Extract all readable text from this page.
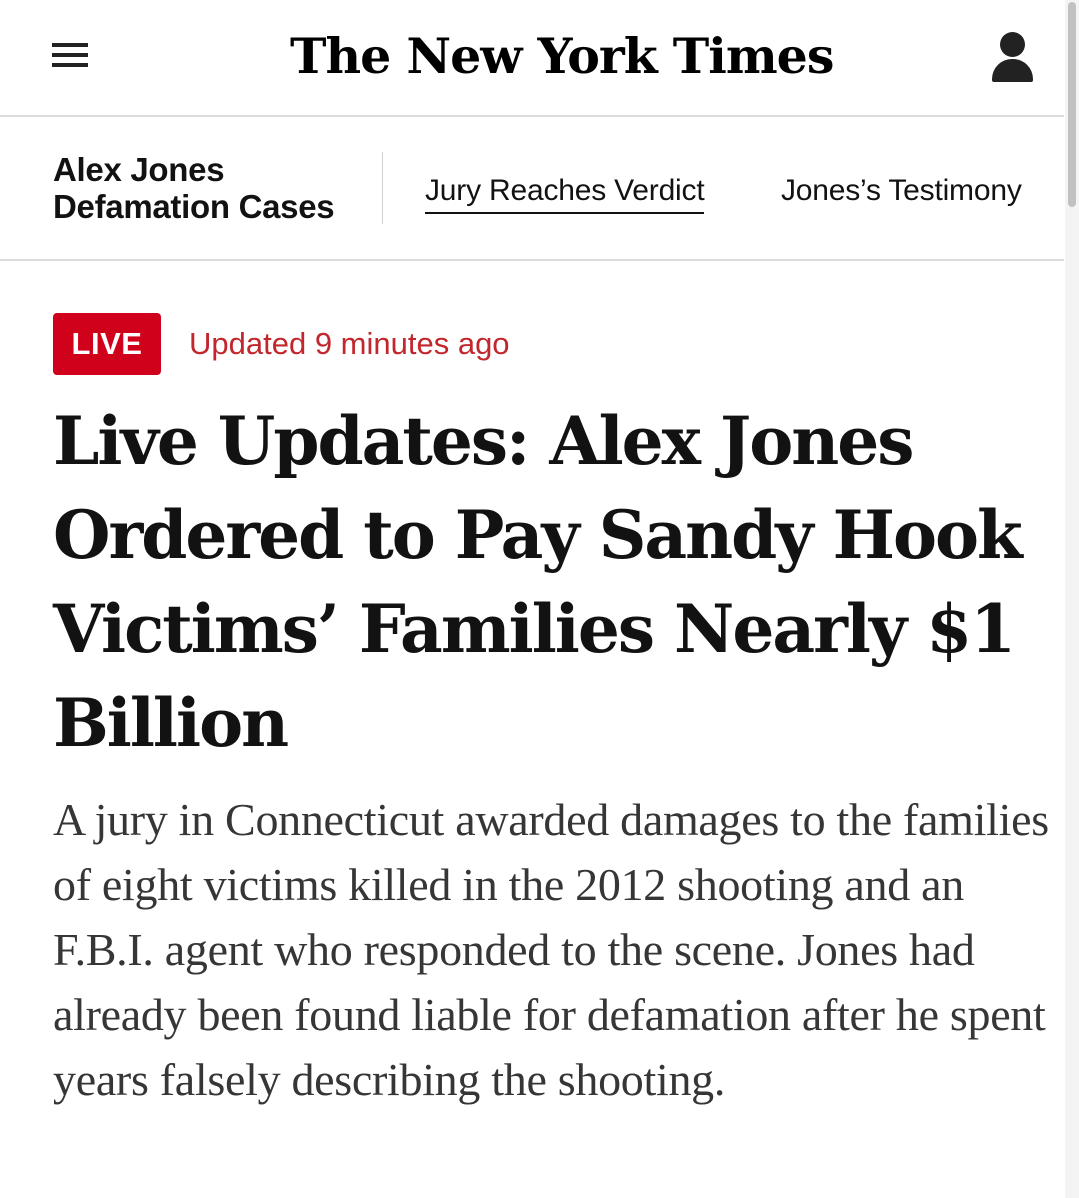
The New York Times
Alex Jones
Defamation Cases	Jury Reaches Verdict	Jones’s Testimony
LIVE	Updated 9 minutes ago
Live Updates: Alex Jones Ordered to Pay Sandy Hook Victims’ Families Nearly $1 Billion

A jury in Connecticut awarded damages to the families of eight victims killed in the 2012 shooting and an F.B.I. agent who responded to the scene. Jones had already been found liable for defamation after he spent years falsely describing the shooting.
